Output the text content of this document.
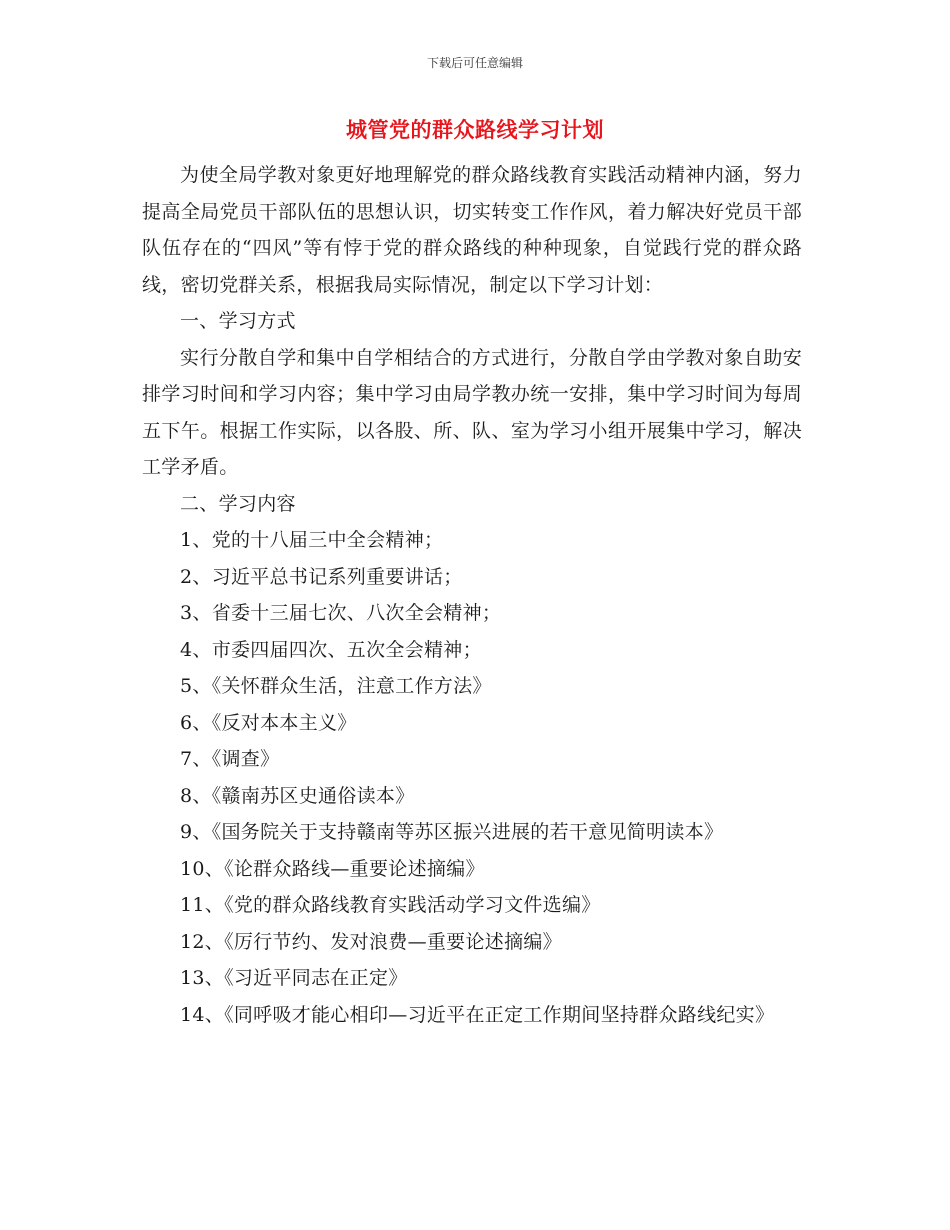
下载后可任意编辑
城管党的群众路线学习计划

为使全局学教对象更好地理解党的群众路线教育实践活动精神内涵，努力提高全局党员干部队伍的思想认识，切实转变工作作风，着力解决好党员干部队伍存在的“四风”等有悖于党的群众路线的种种现象，自觉践行党的群众路线，密切党群关系，根据我局实际情况，制定以下学习计划：

一、学习方式

实行分散自学和集中自学相结合的方式进行，分散自学由学教对象自助安排学习时间和学习内容；集中学习由局学教办统一安排，集中学习时间为每周五下午。根据工作实际，以各股、所、队、室为学习小组开展集中学习，解决工学矛盾。

二、学习内容

1、党的十八届三中全会精神；

2、习近平总书记系列重要讲话；

3、省委十三届七次、八次全会精神；

4、市委四届四次、五次全会精神；

5、《关怀群众生活，注意工作方法》

6、《反对本本主义》

7、《调查》

8、《赣南苏区史通俗读本》

9、《国务院关于支持赣南等苏区振兴进展的若干意见简明读本》

10、《论群众路线—重要论述摘编》

11、《党的群众路线教育实践活动学习文件选编》

12、《厉行节约、发对浪费—重要论述摘编》

13、《习近平同志在正定》

14、《同呼吸才能心相印—习近平在正定工作期间坚持群众路线纪实》
